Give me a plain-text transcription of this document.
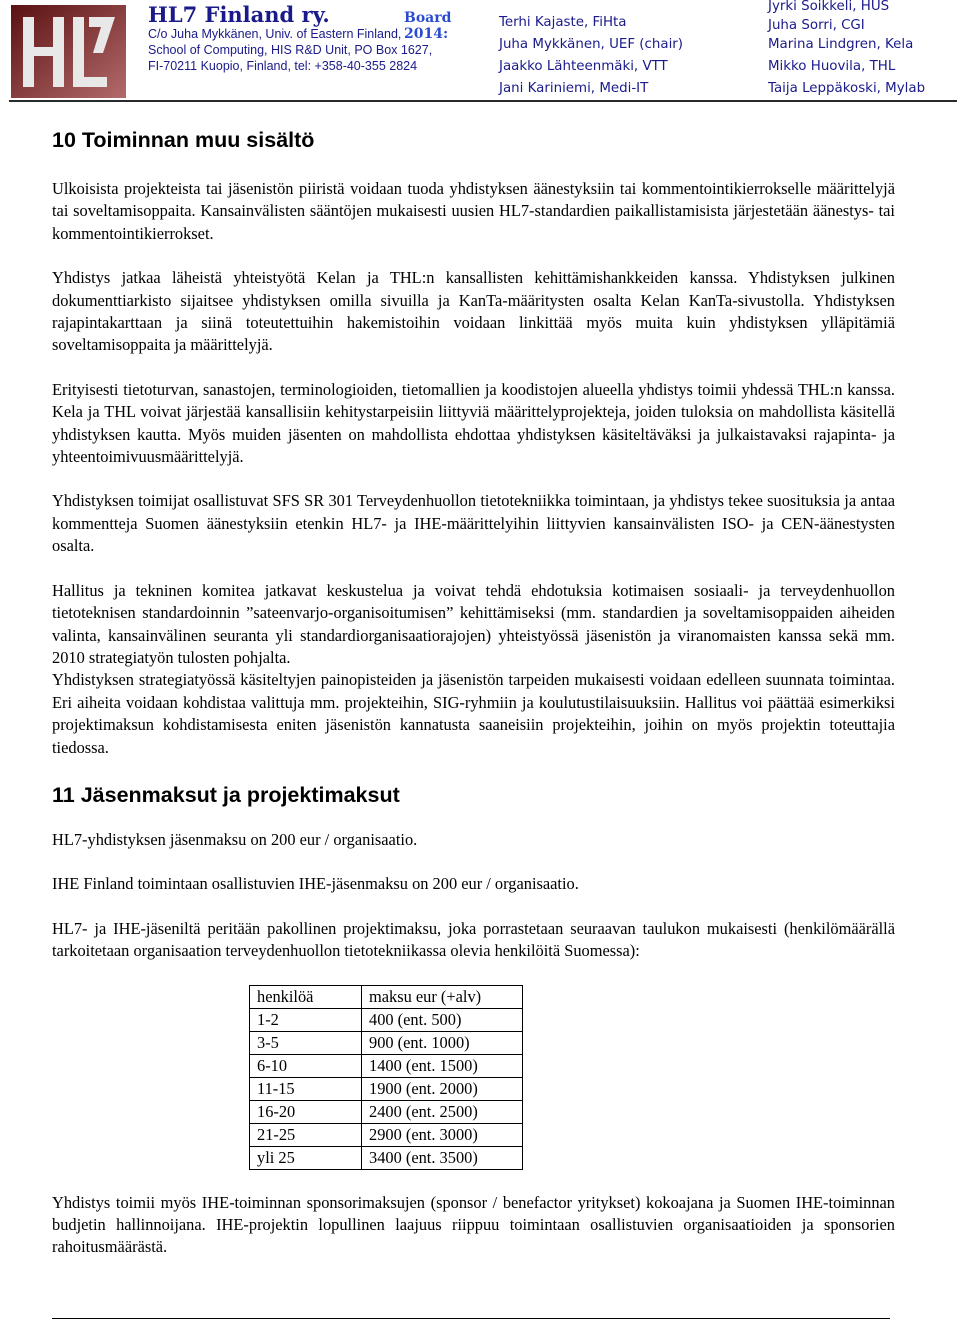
HL7 Finland ry.	Board 2014:
C/o Juha Mykkänen, Univ. of Eastern Finland,
School of Computing, HIS R&D Unit, PO Box 1627,
FI-70211 Kuopio, Finland, tel: +358-40-355 2824
Terhi Kajaste, FiHta
Juha Mykkänen, UEF (chair)
Jaakko Lähteenmäki, VTT
Jani Kariniemi, Medi-IT
Jyrki Soikkeli, HUS
Juha Sorri, CGI
Marina Lindgren, Kela
Mikko Huovila, THL
Taija Leppäkoski, Mylab
10 Toiminnan muu sisältö

Ulkoisista projekteista tai jäsenistön piiristä voidaan tuoda yhdistyksen äänestyksiin tai kommentointikierrokselle määrittelyjä tai soveltamisoppaita. Kansainvälisten sääntöjen mukaisesti uusien HL7-standardien paikallistamisista järjestetään äänestys- tai kommentointikierrokset.

Yhdistys jatkaa läheistä yhteistyötä Kelan ja THL:n kansallisten kehittämishankkeiden kanssa. Yhdistyksen julkinen dokumenttiarkisto sijaitsee yhdistyksen omilla sivuilla ja KanTa-määritysten osalta Kelan KanTa-sivustolla. Yhdistyksen rajapintakarttaan ja siinä toteutettuihin hakemistoihin voidaan linkittää myös muita kuin yhdistyksen ylläpitämiä soveltamisoppaita ja määrittelyjä.

Erityisesti tietoturvan, sanastojen, terminologioiden, tietomallien ja koodistojen alueella yhdistys toimii yhdessä THL:n kanssa. Kela ja THL voivat järjestää kansallisiin kehitystarpeisiin liittyviä määrittelyprojekteja, joiden tuloksia on mahdollista käsitellä yhdistyksen kautta. Myös muiden jäsenten on mahdollista ehdottaa yhdistyksen käsiteltäväksi ja julkaistavaksi rajapinta- ja yhteentoimivuusmäärittelyjä.

Yhdistyksen toimijat osallistuvat SFS SR 301 Terveydenhuollon tietotekniikka toimintaan, ja yhdistys tekee suosituksia ja antaa kommentteja Suomen äänestyksiin etenkin HL7- ja IHE-määrittelyihin liittyvien kansainvälisten ISO- ja CEN-äänestysten osalta.

Hallitus ja tekninen komitea jatkavat keskustelua ja voivat tehdä ehdotuksia kotimaisen sosiaali- ja terveydenhuollon tietoteknisen standardoinnin ”sateenvarjo-organisoitumisen” kehittämiseksi (mm. standardien ja soveltamisoppaiden aiheiden valinta, kansainvälinen seuranta yli standardiorganisaatiorajojen) yhteistyössä jäsenistön ja viranomaisten kanssa sekä mm. 2010 strategiatyön tulosten pohjalta.

Yhdistyksen strategiatyössä käsiteltyjen painopisteiden ja jäsenistön tarpeiden mukaisesti voidaan edelleen suunnata toimintaa. Eri aiheita voidaan kohdistaa valittuja mm. projekteihin, SIG-ryhmiin ja koulutustilaisuuksiin. Hallitus voi päättää esimerkiksi projektimaksun kohdistamisesta eniten jäsenistön kannatusta saaneisiin projekteihin, joihin on myös projektin toteuttajia tiedossa.

11 Jäsenmaksut ja projektimaksut

HL7-yhdistyksen jäsenmaksu on 200 eur / organisaatio.

IHE Finland toimintaan osallistuvien IHE-jäsenmaksu on 200 eur / organisaatio.

HL7- ja IHE-jäseniltä peritään pakollinen projektimaksu, joka porrastetaan seuraavan taulukon mukaisesti (henkilömäärällä tarkoitetaan organisaation terveydenhuollon tietotekniikassa olevia henkilöitä Suomessa):

henkilöä	maksu eur (+alv)
1-2	400 (ent. 500)
3-5	900 (ent. 1000)
6-10	1400 (ent. 1500)
11-15	1900 (ent. 2000)
16-20	2400 (ent. 2500)
21-25	2900 (ent. 3000)
yli 25	3400 (ent. 3500)

Yhdistys toimii myös IHE-toiminnan sponsorimaksujen (sponsor / benefactor yritykset) kokoajana ja Suomen IHE-toiminnan budjetin hallinnoijana. IHE-projektin lopullinen laajuus riippuu toimintaan osallistuvien organisaatioiden ja sponsorien rahoitusmäärästä.
